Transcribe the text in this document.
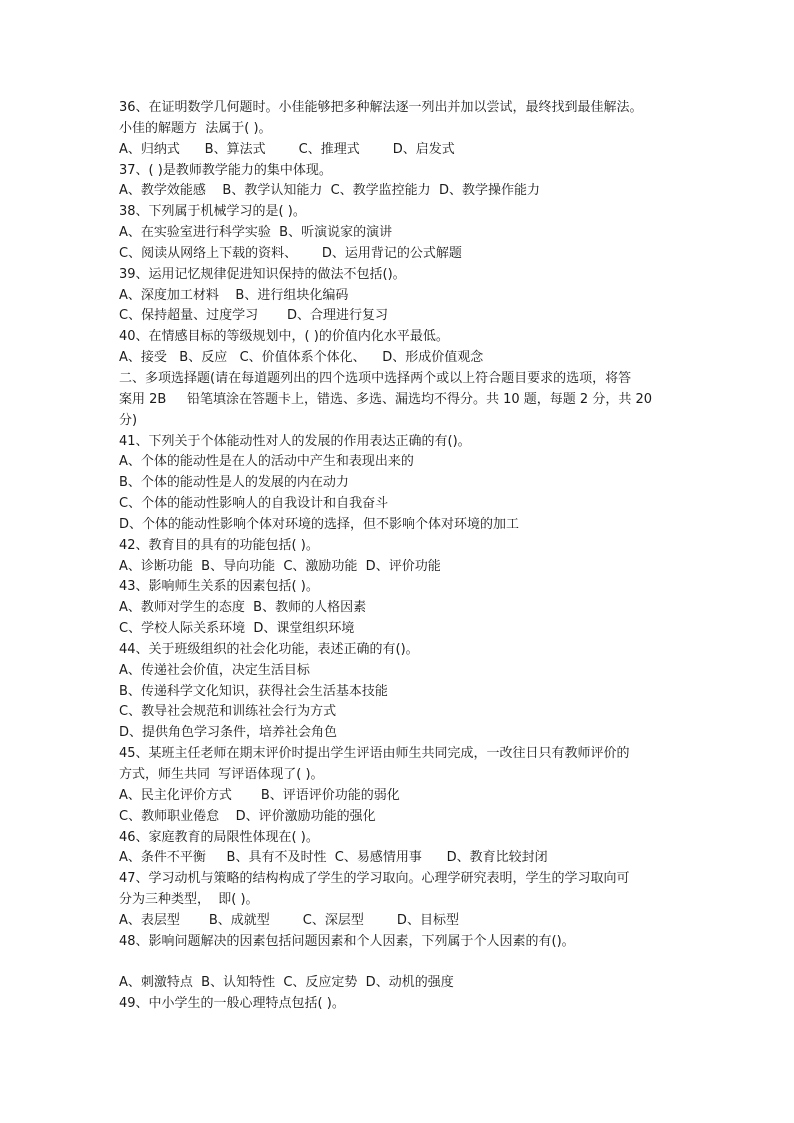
36、在证明数学几何题时。小佳能够把多种解法逐一列出并加以尝试，最终找到最佳解法。
小佳的解题方  法属于( )。
A、归纳式      B、算法式        C、推理式        D、启发式
37、( )是教师教学能力的集中体现。
A、教学效能感    B、教学认知能力  C、教学监控能力  D、教学操作能力
38、下列属于机械学习的是( )。
A、在实验室进行科学实验  B、听演说家的演讲
C、阅读从网络上下载的资料、      D、运用背记的公式解题
39、运用记忆规律促进知识保持的做法不包括()。
A、深度加工材料    B、进行组块化编码
C、保持超量、过度学习       D、合理进行复习
40、在情感目标的等级规划中，( )的价值内化水平最低。
A、接受   B、反应   C、价值体系个体化、    D、形成价值观念
二、多项选择题(请在每道题列出的四个选项中选择两个或以上符合题目要求的选项，将答
案用 2B     铅笔填涂在答题卡上，错选、多选、漏选均不得分。共 10 题，每题 2 分，共 20
分)
41、下列关于个体能动性对人的发展的作用表达正确的有()。
A、个体的能动性是在人的活动中产生和表现出来的
B、个体的能动性是人的发展的内在动力
C、个体的能动性影响人的自我设计和自我奋斗
D、个体的能动性影响个体对环境的选择，但不影响个体对环境的加工
42、教育目的具有的功能包括( )。
A、诊断功能  B、导向功能  C、激励功能  D、评价功能
43、影响师生关系的因素包括( )。
A、教师对学生的态度  B、教师的人格因素
C、学校人际关系环境  D、课堂组织环境
44、关于班级组织的社会化功能，表述正确的有()。
A、传递社会价值，决定生活目标
B、传递科学文化知识，获得社会生活基本技能
C、教导社会规范和训练社会行为方式
D、提供角色学习条件，培养社会角色
45、某班主任老师在期末评价时提出学生评语由师生共同完成，一改往日只有教师评价的
方式，师生共同  写评语体现了( )。
A、民主化评价方式       B、评语评价功能的弱化
C、教师职业倦怠    D、评价激励功能的强化
46、家庭教育的局限性体现在( )。
A、条件不平衡     B、具有不及时性  C、易感情用事      D、教育比较封闭
47、学习动机与策略的结构构成了学生的学习取向。心理学研究表明，学生的学习取向可
分为三种类型，  即( )。
A、表层型       B、成就型        C、深层型        D、目标型
48、影响问题解决的因素包括问题因素和个人因素，下列属于个人因素的有()。
A、刺激特点  B、认知特性  C、反应定势  D、动机的强度
49、中小学生的一般心理特点包括( )。
